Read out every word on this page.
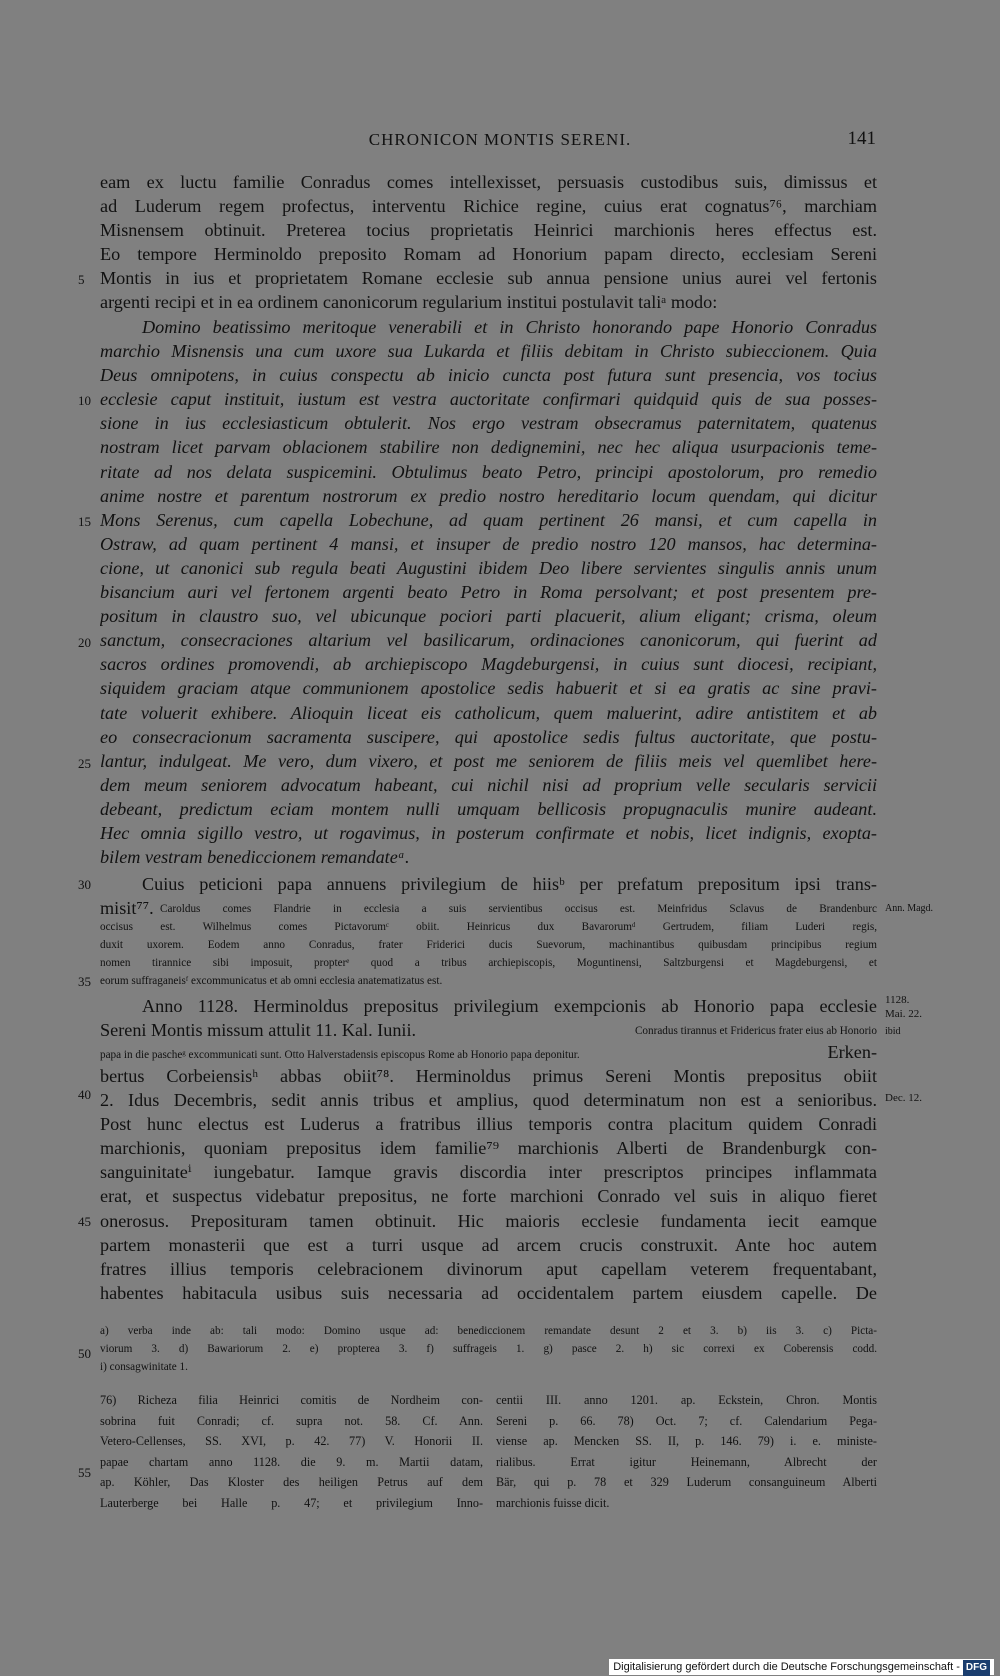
CHRONICON MONTIS SERENI.	141
5
10
15
20
25
30
35
40
45
50
55
eam ex luctu familie Conradus comes intellexisset, persuasis custodibus suis, dimissus et
ad Luderum regem profectus, interventu Richice regine, cuius erat cognatus⁷⁶, marchiam
Misnensem obtinuit. Preterea tocius proprietatis Heinrici marchionis heres effectus est.
Eo tempore Herminoldo preposito Romam ad Honorium papam directo, ecclesiam Sereni
Montis in ius et proprietatem Romane ecclesie sub annua pensione unius aurei vel fertonis
argenti recipi et in ea ordinem canonicorum regularium institui postulavit taliᵃ modo:
Domino beatissimo meritoque venerabili et in Christo honorando pape Honorio Conradus
marchio Misnensis una cum uxore sua Lukarda et filiis debitam in Christo subieccionem. Quia
Deus omnipotens, in cuius conspectu ab inicio cuncta post futura sunt presencia, vos tocius
ecclesie caput instituit, iustum est vestra auctoritate confirmari quidquid quis de sua posses-
sione in ius ecclesiasticum obtulerit. Nos ergo vestram obsecramus paternitatem, quatenus
nostram licet parvam oblacionem stabilire non dedignemini, nec hec aliqua usurpacionis teme-
ritate ad nos delata suspicemini. Obtulimus beato Petro, principi apostolorum, pro remedio
anime nostre et parentum nostrorum ex predio nostro hereditario locum quendam, qui dicitur
Mons Serenus, cum capella Lobechune, ad quam pertinent 26 mansi, et cum capella in
Ostraw, ad quam pertinent 4 mansi, et insuper de predio nostro 120 mansos, hac determina-
cione, ut canonici sub regula beati Augustini ibidem Deo libere servientes singulis annis unum
bisancium auri vel fertonem argenti beato Petro in Roma persolvant; et post presentem pre-
positum in claustro suo, vel ubicunque pociori parti placuerit, alium eligant; crisma, oleum
sanctum, consecraciones altarium vel basilicarum, ordinaciones canonicorum, qui fuerint ad
sacros ordines promovendi, ab archiepiscopo Magdeburgensi, in cuius sunt diocesi, recipiant,
siquidem graciam atque communionem apostolice sedis habuerit et si ea gratis ac sine pravi-
tate voluerit exhibere. Alioquin liceat eis catholicum, quem maluerint, adire antistitem et ab
eo consecracionum sacramenta suscipere, qui apostolice sedis fultus auctoritate, que postu-
lantur, indulgeat. Me vero, dum vixero, et post me seniorem de filiis meis vel quemlibet here-
dem meum seniorem advocatum habeant, cui nichil nisi ad proprium velle secularis servicii
debeant, predictum eciam montem nulli umquam bellicosis propugnaculis munire audeant.
Hec omnia sigillo vestro, ut rogavimus, in posterum confirmate et nobis, licet indignis, exopta-
bilem vestram benediccionem remandateᵃ.
Cuius peticioni papa annuens privilegium de hiisᵇ per prefatum prepositum ipsi trans-
misit⁷⁷. Caroldus comes Flandrie in ecclesia a suis servientibus occisus est. Meinfridus Sclavus de Brandenburc
occisus est. Wilhelmus comes Pictavorumᶜ obiit. Heinricus dux Bavarorumᵈ Gertrudem, filiam Luderi regis,
duxit uxorem. Eodem anno Conradus, frater Friderici ducis Suevorum, machinantibus quibusdam principibus regium
nomen tirannice sibi imposuit, propterᵉ quod a tribus archiepiscopis, Moguntinensi, Saltzburgensi et Magdeburgensi, et
eorum suffraganeisᶠ excommunicatus et ab omni ecclesia anatematizatus est.
Anno 1128. Herminoldus prepositus privilegium exempcionis ab Honorio papa ecclesie
Sereni Montis missum attulit 11. Kal. Iunii.	Conradus tirannus et Fridericus frater eius ab Honorio
papa in die pascheᵍ excommunicati sunt. Otto Halverstadensis episcopus Rome ab Honorio papa deponitur.	Erken-
bertus Corbeiensisʰ abbas obiit⁷⁸. Herminoldus primus Sereni Montis prepositus obiit
2. Idus Decembris, sedit annis tribus et amplius, quod determinatum non est a senioribus.
Post hunc electus est Luderus a fratribus illius temporis contra placitum quidem Conradi
marchionis, quoniam prepositus idem familie⁷⁹ marchionis Alberti de Brandenburgk con-
sanguinitateⁱ iungebatur. Iamque gravis discordia inter prescriptos principes inflammata
erat, et suspectus videbatur prepositus, ne forte marchioni Conrado vel suis in aliquo fieret
onerosus. Preposituram tamen obtinuit. Hic maioris ecclesie fundamenta iecit eamque
partem monasterii que est a turri usque ad arcem crucis construxit. Ante hoc autem
fratres illius temporis celebracionem divinorum aput capellam veterem frequentabant,
habentes habitacula usibus suis necessaria ad occidentalem partem eiusdem capelle. De
Ann. Magd.
1128.
Mai. 22.
ibid
Dec. 12.
a) verba inde ab: tali modo: Domino usque ad: benediccionem remandate desunt 2 et 3. b) iis 3. c) Picta-
viorum 3. d) Bawariorum 2. e) propterea 3. f) suffrageis 1. g) pasce 2. h) sic correxi ex Coberensis codd.
i) consagwinitate 1.
76) Richeza filia Heinrici comitis de Nordheim con-
sobrina fuit Conradi; cf. supra not. 58. Cf. Ann.
Vetero-Cellenses, SS. XVI, p. 42. 77) V. Honorii II.
papae chartam anno 1128. die 9. m. Martii datam,
ap. Köhler, Das Kloster des heiligen Petrus auf dem
Lauterberge bei Halle p. 47; et privilegium Inno-
centii III. anno 1201. ap. Eckstein, Chron. Montis
Sereni p. 66. 78) Oct. 7; cf. Calendarium Pega-
viense ap. Mencken SS. II, p. 146. 79) i. e. ministe-
rialibus. Errat igitur Heinemann, Albrecht der
Bär, qui p. 78 et 329 Luderum consanguineum Alberti
marchionis fuisse dicit.
Digitalisierung gefördert durch die Deutsche Forschungsgemeinschaft - DFG
